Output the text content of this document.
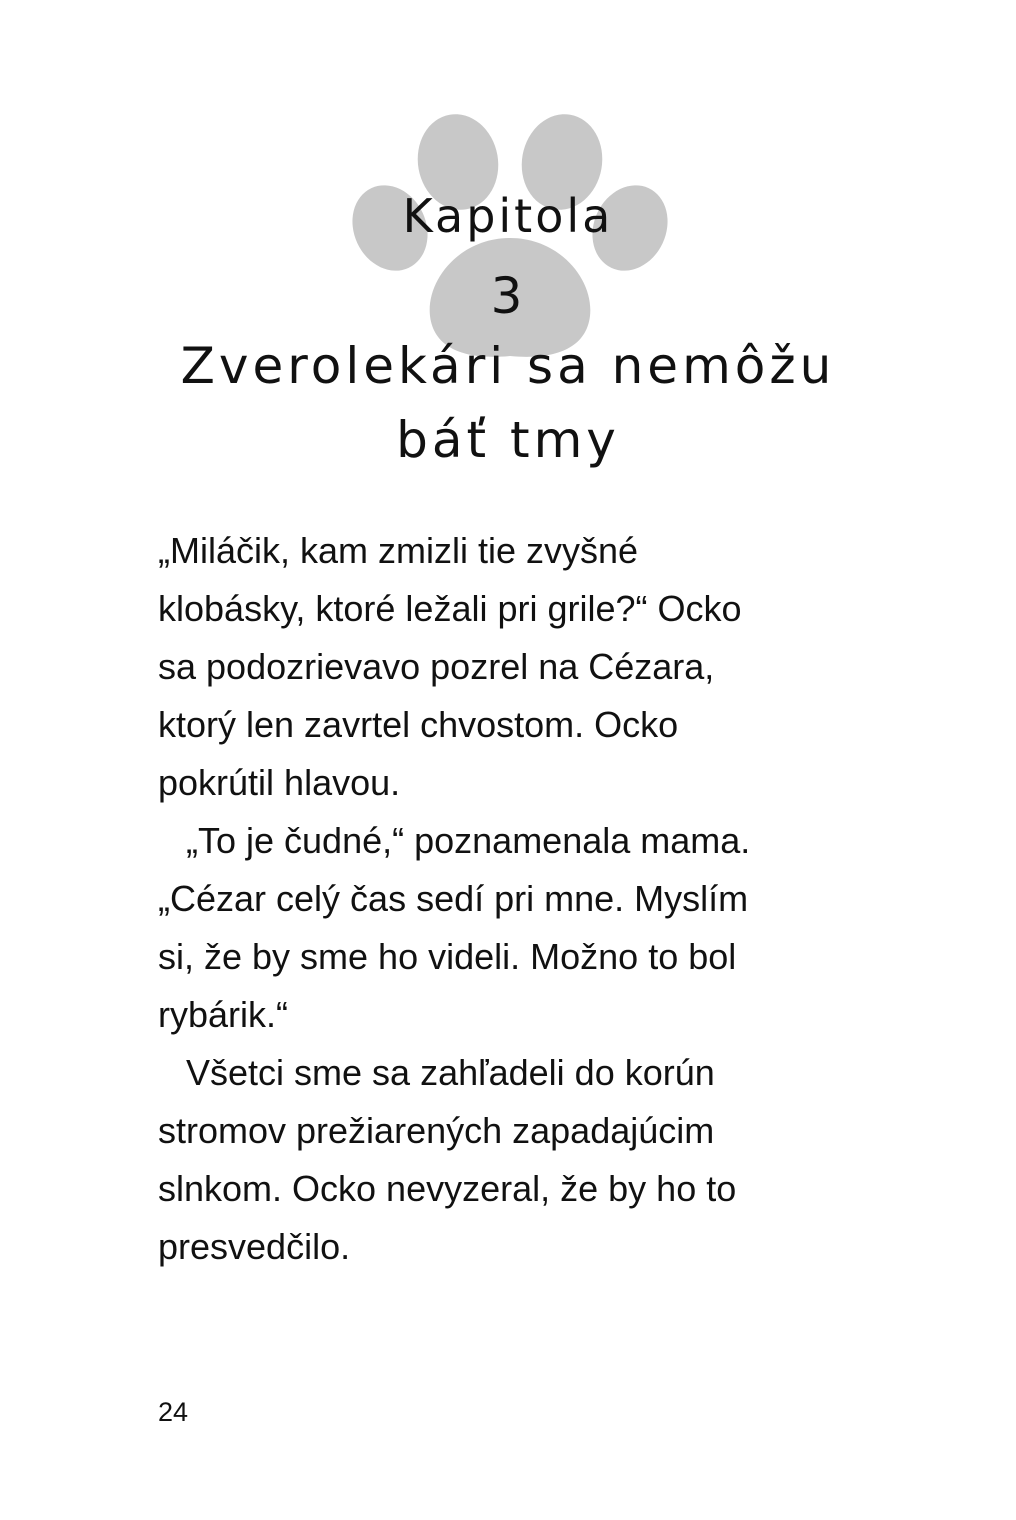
Kapitola
3
Zverolekári sa nemôžu
báť tmy
„Miláčik, kam zmizli tie zvyšné
klobásky, ktoré ležali pri grile?“ Ocko
sa podozrievavo pozrel na Cézara,
ktorý len zavrtel chvostom. Ocko
pokrútil hlavou.
„To je čudné,“ poznamenala mama.
„Cézar celý čas sedí pri mne. Myslím
si, že by sme ho videli. Možno to bol
rybárik.“
Všetci sme sa zahľadeli do korún
stromov prežiarených zapadajúcim
slnkom. Ocko nevyzeral, že by ho to
presvedčilo.
24
